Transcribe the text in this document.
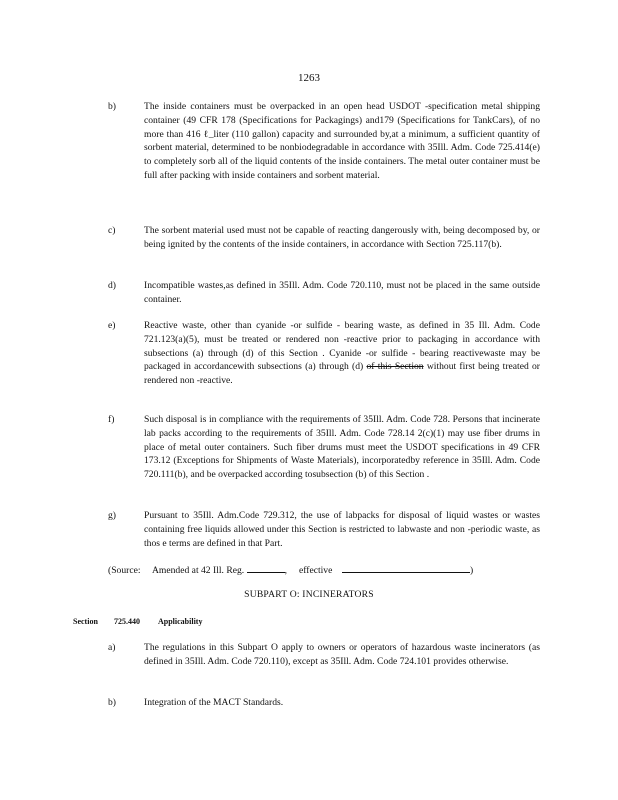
1263
b)	The inside containers must be overpacked in an open head USDOT -specification metal shipping container (49 CFR 178 (Specifications for Packagings) and179 (Specifications for TankCars), of no more than 416 ℓ_liter (110 gallon) capacity and surrounded by,at a minimum, a sufficient quantity of sorbent material, determined to be nonbiodegradable in accordance with 35Ill. Adm. Code 725.414(e) to completely sorb all of the liquid contents of the inside containers. The metal outer container must be full after packing with inside containers and sorbent material.
c)	The sorbent material used must not be capable of reacting dangerously with, being decomposed by, or being ignited by the contents of the inside containers, in accordance with Section 725.117(b).
d)	Incompatible wastes,as defined in 35Ill. Adm. Code 720.110, must not be placed in the same outside container.
e)	Reactive waste, other than cyanide -or sulfide - bearing waste, as defined in 35 Ill. Adm. Code 721.123(a)(5), must be treated or rendered non -reactive prior to packaging in accordance with subsections (a) through (d) of this Section . Cyanide -or sulfide - bearing reactivewaste may be packaged in accordancewith subsections (a) through (d) of this Section without first being treated or rendered non -reactive.
f)	Such disposal is in compliance with the requirements of 35Ill. Adm. Code 728. Persons that incinerate lab packs according to the requirements of 35Ill. Adm. Code 728.14 2(c)(1) may use fiber drums in place of metal outer containers. Such fiber drums must meet the USDOT specifications in 49 CFR 173.12 (Exceptions for Shipments of Waste Materials), incorporatedby reference in 35Ill. Adm. Code 720.111(b), and be overpacked according tosubsection (b) of this Section .
g)	Pursuant to 35Ill. Adm.Code 729.312, the use of labpacks for disposal of liquid wastes or wastes containing free liquids allowed under this Section is restricted to labwaste and non -periodic waste, as thos e terms are defined in that Part.
(Source: Amended at 42 Ill. Reg.	, effective	)
SUBPART O: INCINERATORS
Section 725.440 Applicability
a)	The regulations in this Subpart O apply to owners or operators of hazardous waste incinerators (as defined in 35Ill. Adm. Code 720.110), except as 35Ill. Adm. Code 724.101 provides otherwise.
b)	Integration of the MACT Standards.
